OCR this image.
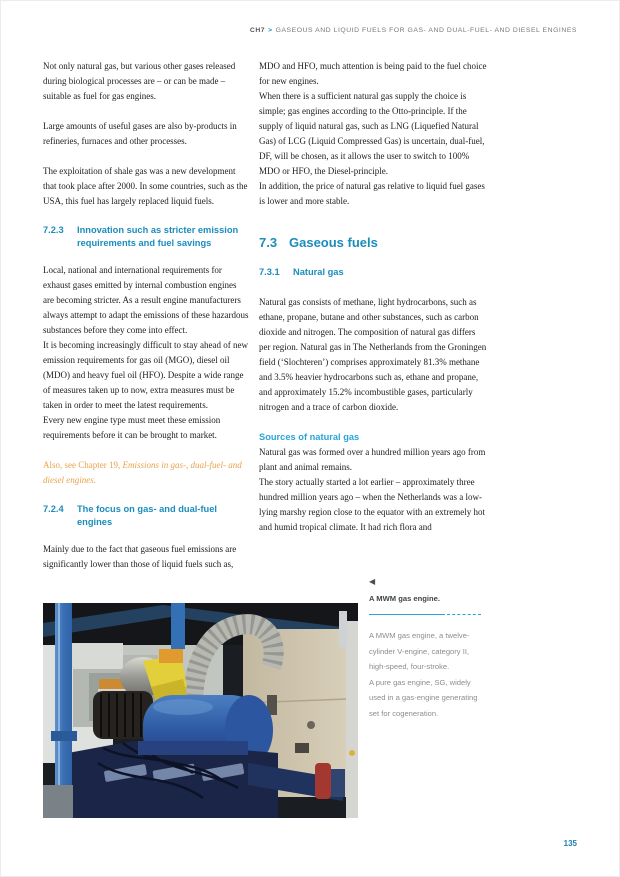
CH7 > GASEOUS AND LIQUID FUELS FOR GAS- AND DUAL-FUEL- AND DIESEL ENGINES

Not only natural gas, but various other gases released during biological processes are – or can be made – suitable as fuel for gas engines.

Large amounts of useful gases are also by-products in refineries, furnaces and other processes.

The exploitation of shale gas was a new development that took place after 2000. In some countries, such as the USA, this fuel has largely replaced liquid fuels.

7.2.3	Innovation such as stricter emission requirements and fuel savings

Local, national and international requirements for exhaust gases emitted by internal combustion engines are becoming stricter. As a result engine manufacturers always attempt to adapt the emissions of these hazardous substances before they come into effect.

It is becoming increasingly difficult to stay ahead of new emission requirements for gas oil (MGO), diesel oil (MDO) and heavy fuel oil (HFO). Despite a wide range of measures taken up to now, extra measures must be taken in order to meet the latest requirements.

Every new engine type must meet these emission requirements before it can be brought to market.

Also, see Chapter 19, Emissions in gas-, dual-fuel- and diesel engines.

7.2.4	The focus on gas- and dual-fuel engines

Mainly due to the fact that gaseous fuel emissions are significantly lower than those of liquid fuels such as,

MDO and HFO, much attention is being paid to the fuel choice for new engines.

When there is a sufficient natural gas supply the choice is simple; gas engines according to the Otto-principle. If the supply of liquid natural gas, such as LNG (Liquefied Natural Gas) of LCG (Liquid Compressed Gas) is uncertain, dual-fuel, DF, will be chosen, as it allows the user to switch to 100% MDO or HFO, the Diesel-principle.

In addition, the price of natural gas relative to liquid fuel gases is lower and more stable.

7.3 Gaseous fuels
7.3.1	Natural gas

Natural gas consists of methane, light hydrocarbons, such as ethane, propane, butane and other substances, such as carbon dioxide and nitrogen. The composition of natural gas differs per region. Natural gas in The Netherlands from the Groningen field (‘Slochteren’) comprises approximately 81.3% methane and 3.5% heavier hydrocarbons such as, ethane and propane, and approximately 15.2% incombustible gases, particularly nitrogen and a trace of carbon dioxide.

Sources of natural gas

Natural gas was formed over a hundred million years ago from plant and animal remains.

The story actually started a lot earlier – approximately three hundred million years ago – when the Netherlands was a low-lying marshy region close to the equator with an extremely hot and humid tropical climate. It had rich flora and

◀
A MWM gas engine.

A MWM gas engine, a twelve-cylinder V-engine, category II, high-speed, four-stroke.

A pure gas engine, SG, widely used in a gas-engine generating set for cogeneration.

135
